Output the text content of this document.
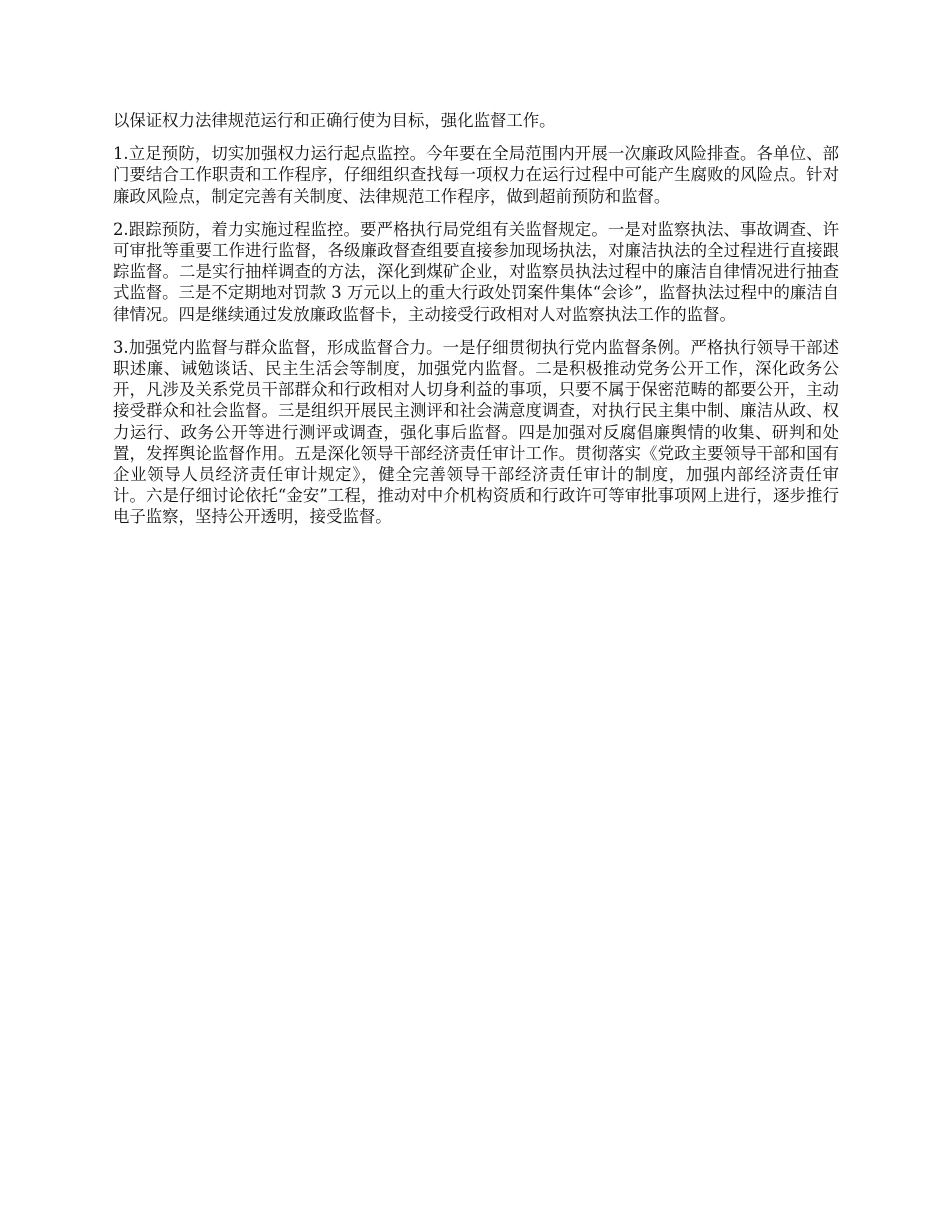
以保证权力法律规范运行和正确行使为目标，强化监督工作。

1.立足预防，切实加强权力运行起点监控。今年要在全局范围内开展一次廉政风险排查。各单位、部门要结合工作职责和工作程序，仔细组织查找每一项权力在运行过程中可能产生腐败的风险点。针对廉政风险点，制定完善有关制度、法律规范工作程序，做到超前预防和监督。

2.跟踪预防，着力实施过程监控。要严格执行局党组有关监督规定。一是对监察执法、事故调查、许可审批等重要工作进行监督，各级廉政督查组要直接参加现场执法，对廉洁执法的全过程进行直接跟踪监督。二是实行抽样调查的方法，深化到煤矿企业，对监察员执法过程中的廉洁自律情况进行抽查式监督。三是不定期地对罚款 3 万元以上的重大行政处罚案件集体“会诊”，监督执法过程中的廉洁自律情况。四是继续通过发放廉政监督卡，主动接受行政相对人对监察执法工作的监督。

3.加强党内监督与群众监督，形成监督合力。一是仔细贯彻执行党内监督条例。严格执行领导干部述职述廉、诫勉谈话、民主生活会等制度，加强党内监督。二是积极推动党务公开工作，深化政务公开，凡涉及关系党员干部群众和行政相对人切身利益的事项，只要不属于保密范畴的都要公开，主动接受群众和社会监督。三是组织开展民主测评和社会满意度调查，对执行民主集中制、廉洁从政、权力运行、政务公开等进行测评或调查，强化事后监督。四是加强对反腐倡廉舆情的收集、研判和处置，发挥舆论监督作用。五是深化领导干部经济责任审计工作。贯彻落实《党政主要领导干部和国有企业领导人员经济责任审计规定》，健全完善领导干部经济责任审计的制度，加强内部经济责任审计。六是仔细讨论依托“金安”工程，推动对中介机构资质和行政许可等审批事项网上进行，逐步推行电子监察，坚持公开透明，接受监督。
